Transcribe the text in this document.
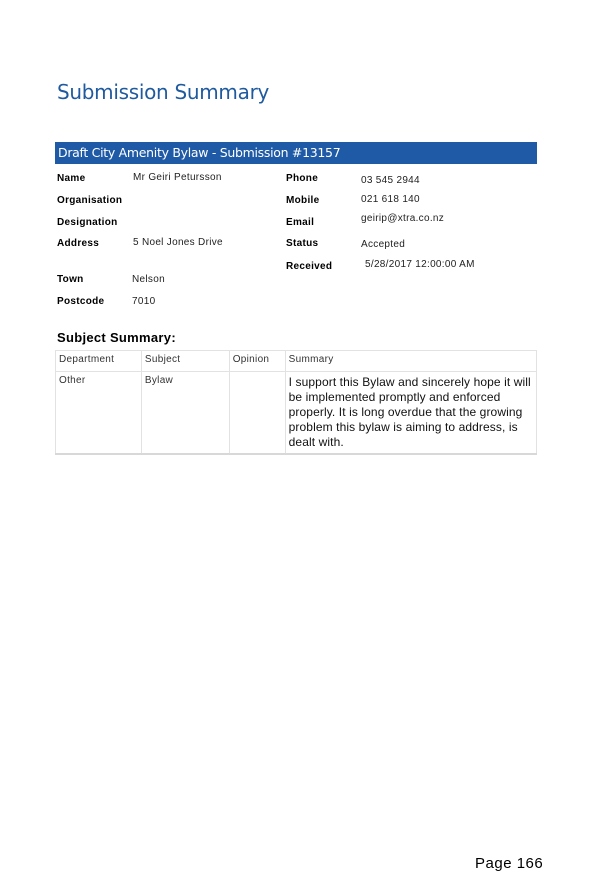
Submission Summary
Draft City Amenity Bylaw - Submission #13157
Name	Mr Geiri Petursson
Organisation
Designation
Address	5 Noel Jones Drive
Town	Nelson
Postcode	7010
Phone	03 545 2944
Mobile	021 618 140
Email	geirip@xtra.co.nz
Status	Accepted
Received	5/28/2017 12:00:00 AM
Subject Summary:
Department	Subject	Opinion	Summary
Other	Bylaw		I support this Bylaw and sincerely hope it will be implemented promptly and enforced properly. It is long overdue that the growing problem this bylaw is aiming to address, is dealt with.
Page 166
